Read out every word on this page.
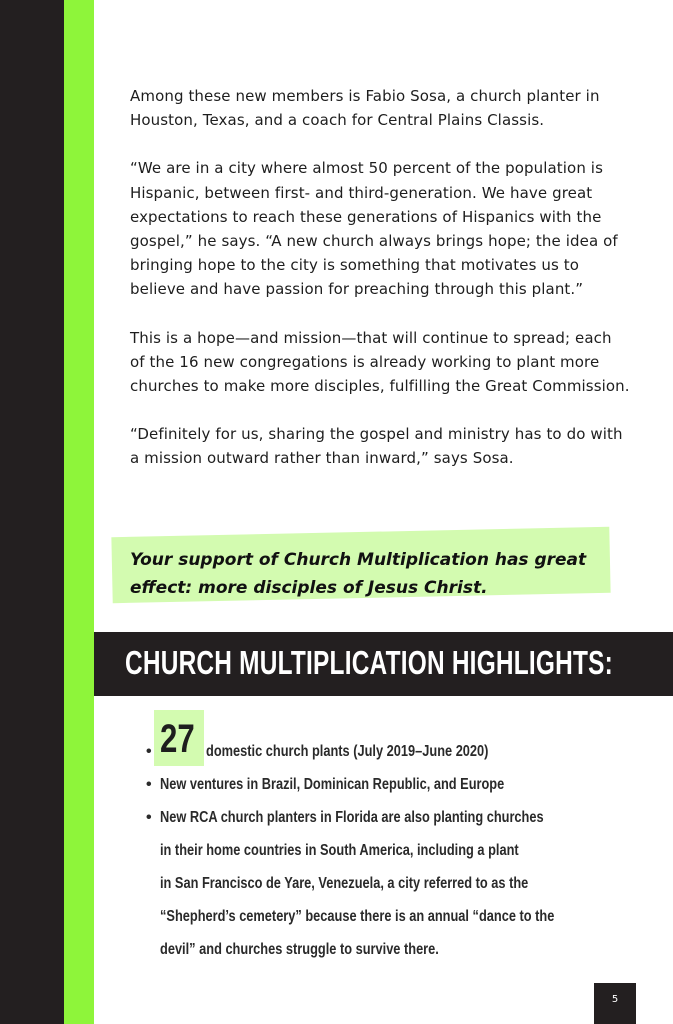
Among these new members is Fabio Sosa, a church planter in Houston, Texas, and a coach for Central Plains Classis.

“We are in a city where almost 50 percent of the population is Hispanic, between first- and third-generation. We have great expectations to reach these generations of Hispanics with the gospel,” he says. “A new church always brings hope; the idea of bringing hope to the city is something that motivates us to believe and have passion for preaching through this plant.”

This is a hope—and mission—that will continue to spread; each of the 16 new congregations is already working to plant more churches to make more disciples, fulfilling the Great Commission.

“Definitely for us, sharing the gospel and ministry has to do with a mission outward rather than inward,” says Sosa.

Your support of Church Multiplication has great
effect: more disciples of Jesus Christ.
CHURCH MULTIPLICATION HIGHLIGHTS:
• 27 domestic church plants (July 2019–June 2020)
• New ventures in Brazil, Dominican Republic, and Europe
• New RCA church planters in Florida are also planting churches
in their home countries in South America, including a plant
in San Francisco de Yare, Venezuela, a city referred to as the
“Shepherd’s cemetery” because there is an annual “dance to the
devil” and churches struggle to survive there.
5
